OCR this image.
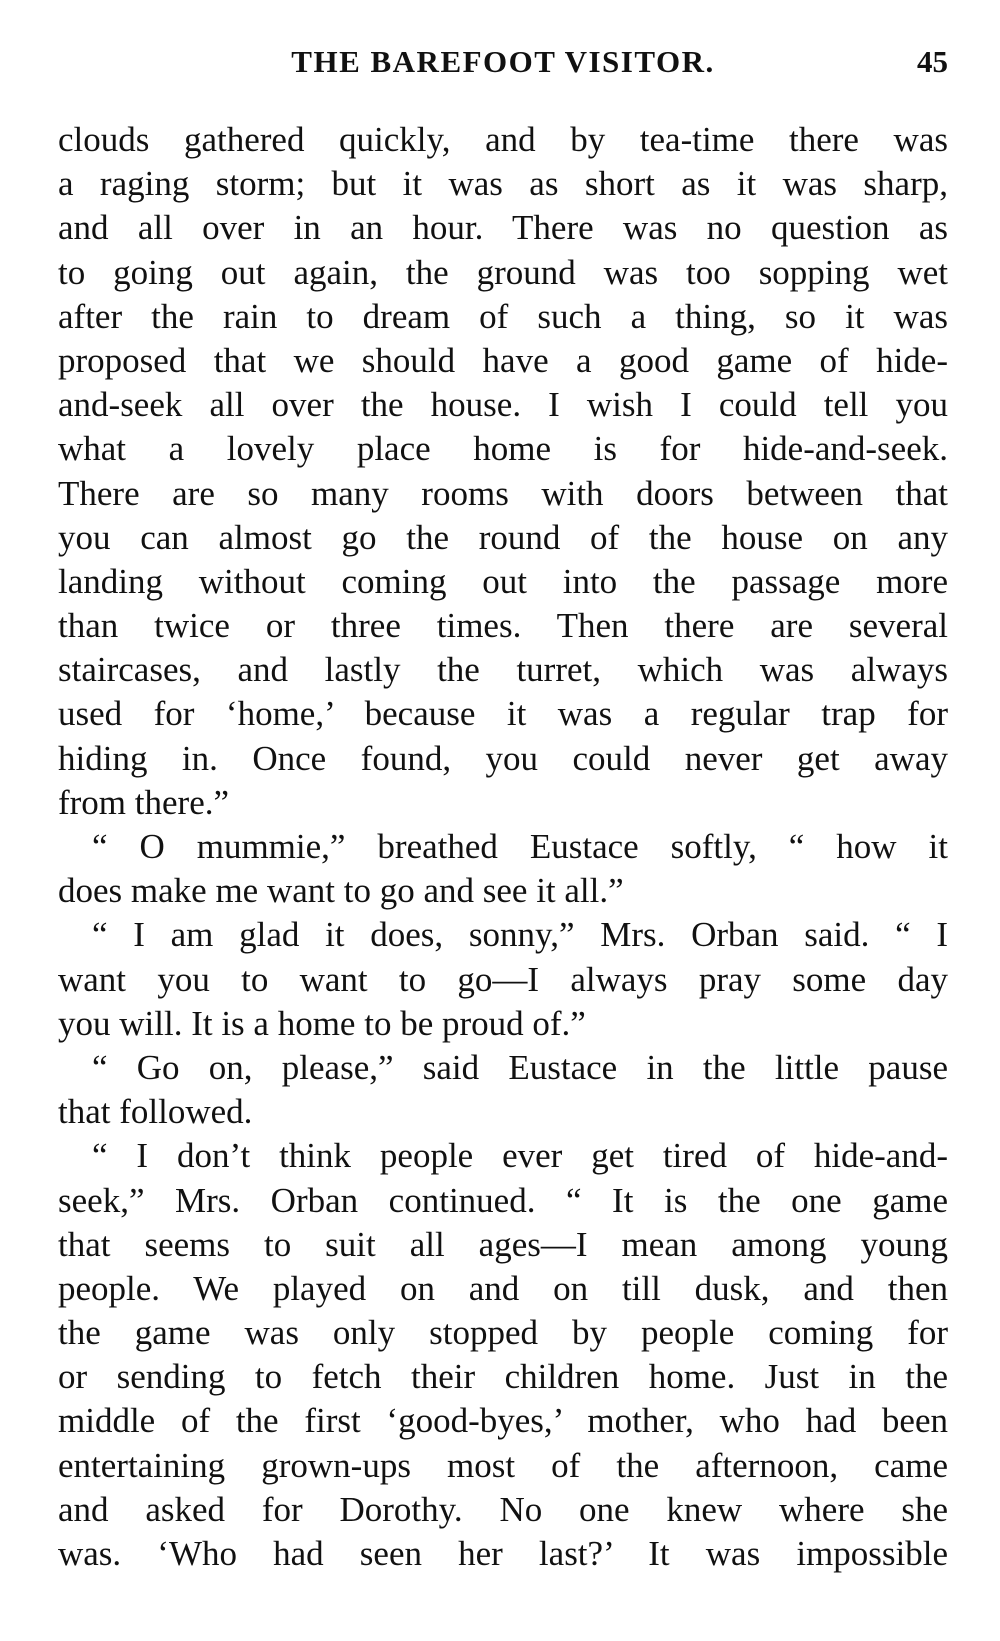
THE BAREFOOT VISITOR.	45
clouds gathered quickly, and by tea-time there was
a raging storm; but it was as short as it was sharp,
and all over in an hour. There was no question as
to going out again, the ground was too sopping wet
after the rain to dream of such a thing, so it was
proposed that we should have a good game of hide-
and-seek all over the house. I wish I could tell you
what a lovely place home is for hide-and-seek.
There are so many rooms with doors between that
you can almost go the round of the house on any
landing without coming out into the passage more
than twice or three times. Then there are several
staircases, and lastly the turret, which was always
used for ‘home,’ because it was a regular trap for
hiding in. Once found, you could never get away
from there.”
“ O mummie,” breathed Eustace softly, “ how it
does make me want to go and see it all.”
“ I am glad it does, sonny,” Mrs. Orban said. “ I
want you to want to go—I always pray some day
you will. It is a home to be proud of.”
“ Go on, please,” said Eustace in the little pause
that followed.
“ I don’t think people ever get tired of hide-and-
seek,” Mrs. Orban continued. “ It is the one game
that seems to suit all ages—I mean among young
people. We played on and on till dusk, and then
the game was only stopped by people coming for
or sending to fetch their children home. Just in the
middle of the first ‘good-byes,’ mother, who had been
entertaining grown-ups most of the afternoon, came
and asked for Dorothy. No one knew where she
was. ‘Who had seen her last?’ It was impossible
